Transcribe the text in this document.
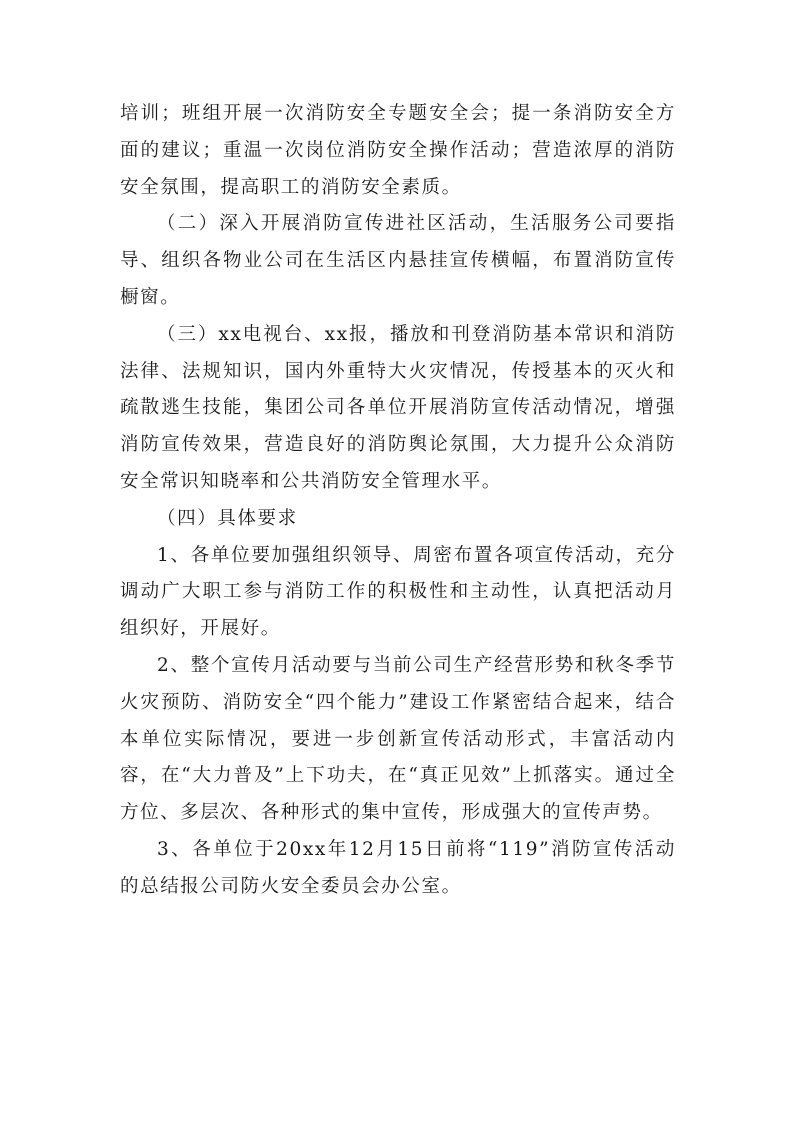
培训；班组开展一次消防安全专题安全会；提一条消防安全方面的建议；重温一次岗位消防安全操作活动；营造浓厚的消防安全氛围，提高职工的消防安全素质。

（二）深入开展消防宣传进社区活动，生活服务公司要指导、组织各物业公司在生活区内悬挂宣传横幅，布置消防宣传橱窗。

（三）xx电视台、xx报，播放和刊登消防基本常识和消防法律、法规知识，国内外重特大火灾情况，传授基本的灭火和疏散逃生技能，集团公司各单位开展消防宣传活动情况，增强消防宣传效果，营造良好的消防舆论氛围，大力提升公众消防安全常识知晓率和公共消防安全管理水平。

（四）具体要求

1、各单位要加强组织领导、周密布置各项宣传活动，充分调动广大职工参与消防工作的积极性和主动性，认真把活动月组织好，开展好。

2、整个宣传月活动要与当前公司生产经营形势和秋冬季节火灾预防、消防安全“四个能力”建设工作紧密结合起来，结合本单位实际情况，要进一步创新宣传活动形式，丰富活动内容，在“大力普及”上下功夫，在“真正见效”上抓落实。通过全方位、多层次、各种形式的集中宣传，形成强大的宣传声势。

3、各单位于20xx年12月15日前将“119”消防宣传活动的总结报公司防火安全委员会办公室。
